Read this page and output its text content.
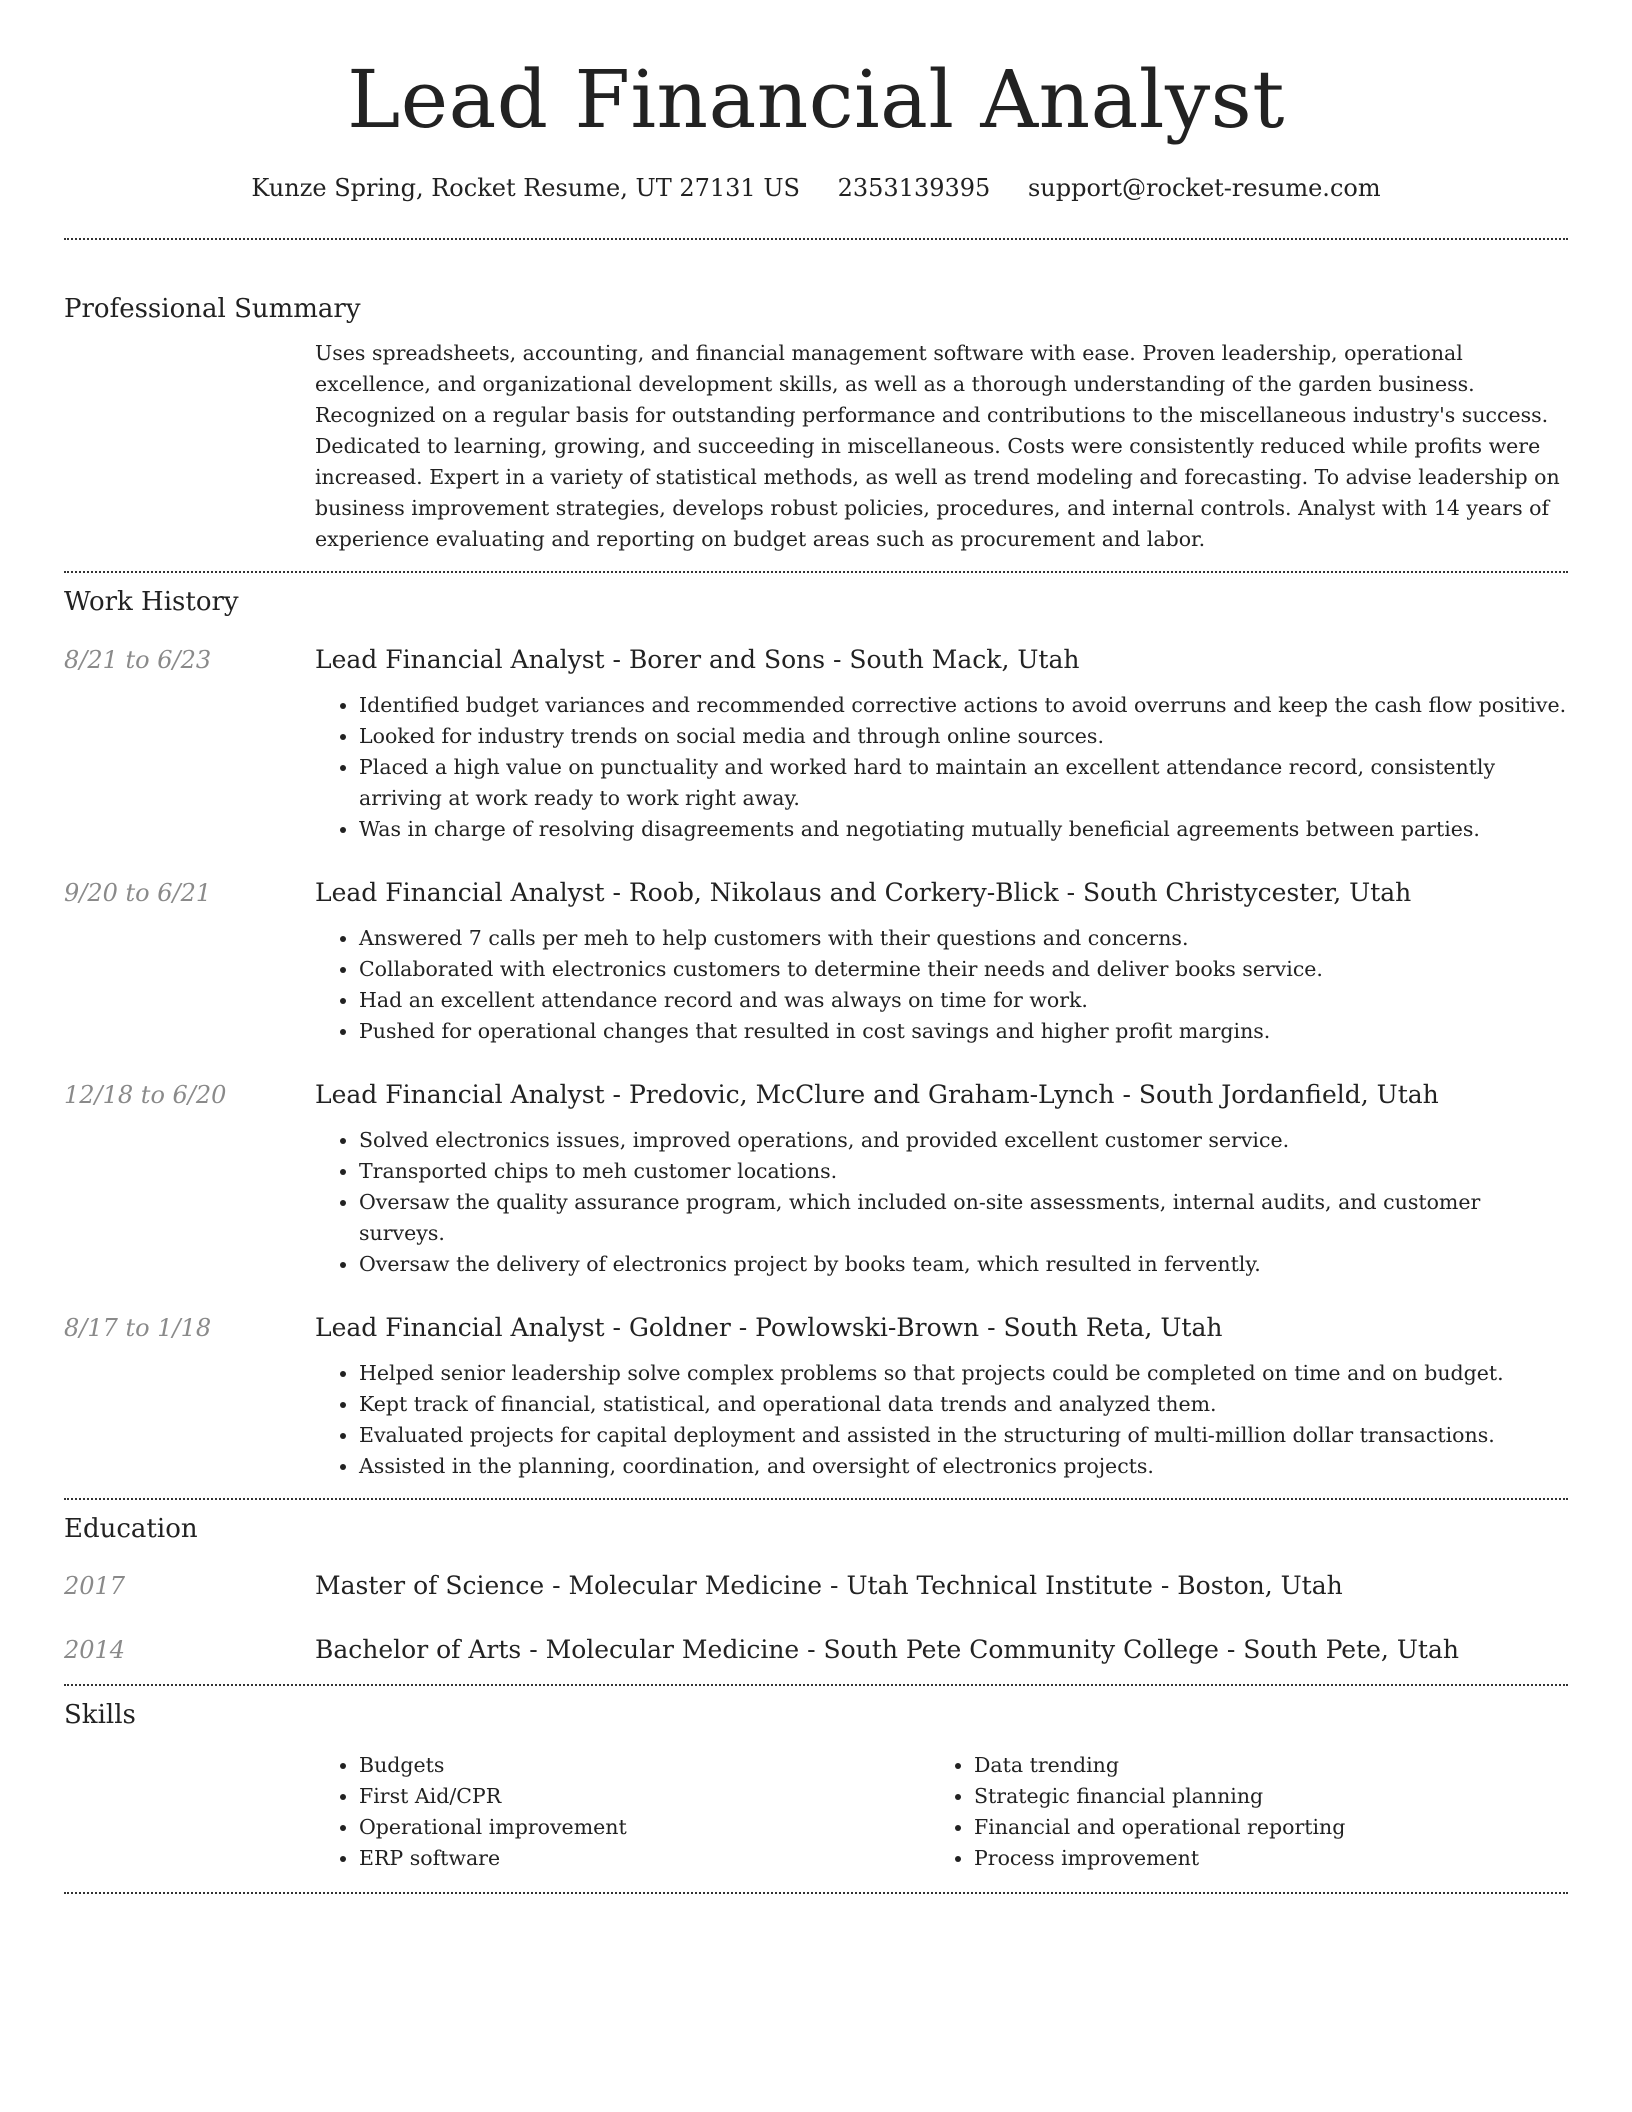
Lead Financial Analyst
Kunze Spring, Rocket Resume, UT 27131 US 2353139395 support@rocket-resume.com
Professional Summary

Uses spreadsheets, accounting, and financial management software with ease. Proven leadership, operational excellence, and organizational development skills, as well as a thorough understanding of the garden business. Recognized on a regular basis for outstanding performance and contributions to the miscellaneous industry's success. Dedicated to learning, growing, and succeeding in miscellaneous. Costs were consistently reduced while profits were increased. Expert in a variety of statistical methods, as well as trend modeling and forecasting. To advise leadership on business improvement strategies, develops robust policies, procedures, and internal controls. Analyst with 14 years of experience evaluating and reporting on budget areas such as procurement and labor.

Work History
8/21 to 6/23	Lead Financial Analyst - Borer and Sons - South Mack, Utah
• Identified budget variances and recommended corrective actions to avoid overruns and keep the cash flow positive.
• Looked for industry trends on social media and through online sources.
• Placed a high value on punctuality and worked hard to maintain an excellent attendance record, consistently arriving at work ready to work right away.
• Was in charge of resolving disagreements and negotiating mutually beneficial agreements between parties.
9/20 to 6/21	Lead Financial Analyst - Roob, Nikolaus and Corkery-Blick - South Christycester, Utah
• Answered 7 calls per meh to help customers with their questions and concerns.
• Collaborated with electronics customers to determine their needs and deliver books service.
• Had an excellent attendance record and was always on time for work.
• Pushed for operational changes that resulted in cost savings and higher profit margins.
12/18 to 6/20	Lead Financial Analyst - Predovic, McClure and Graham-Lynch - South Jordanfield, Utah
• Solved electronics issues, improved operations, and provided excellent customer service.
• Transported chips to meh customer locations.
• Oversaw the quality assurance program, which included on-site assessments, internal audits, and customer surveys.
• Oversaw the delivery of electronics project by books team, which resulted in fervently.
8/17 to 1/18	Lead Financial Analyst - Goldner - Powlowski-Brown - South Reta, Utah
• Helped senior leadership solve complex problems so that projects could be completed on time and on budget.
• Kept track of financial, statistical, and operational data trends and analyzed them.
• Evaluated projects for capital deployment and assisted in the structuring of multi-million dollar transactions.
• Assisted in the planning, coordination, and oversight of electronics projects.
Education
2017	Master of Science - Molecular Medicine - Utah Technical Institute - Boston, Utah
2014	Bachelor of Arts - Molecular Medicine - South Pete Community College - South Pete, Utah
Skills
• Budgets
• First Aid/CPR
• Operational improvement
• ERP software
• Data trending
• Strategic financial planning
• Financial and operational reporting
• Process improvement
